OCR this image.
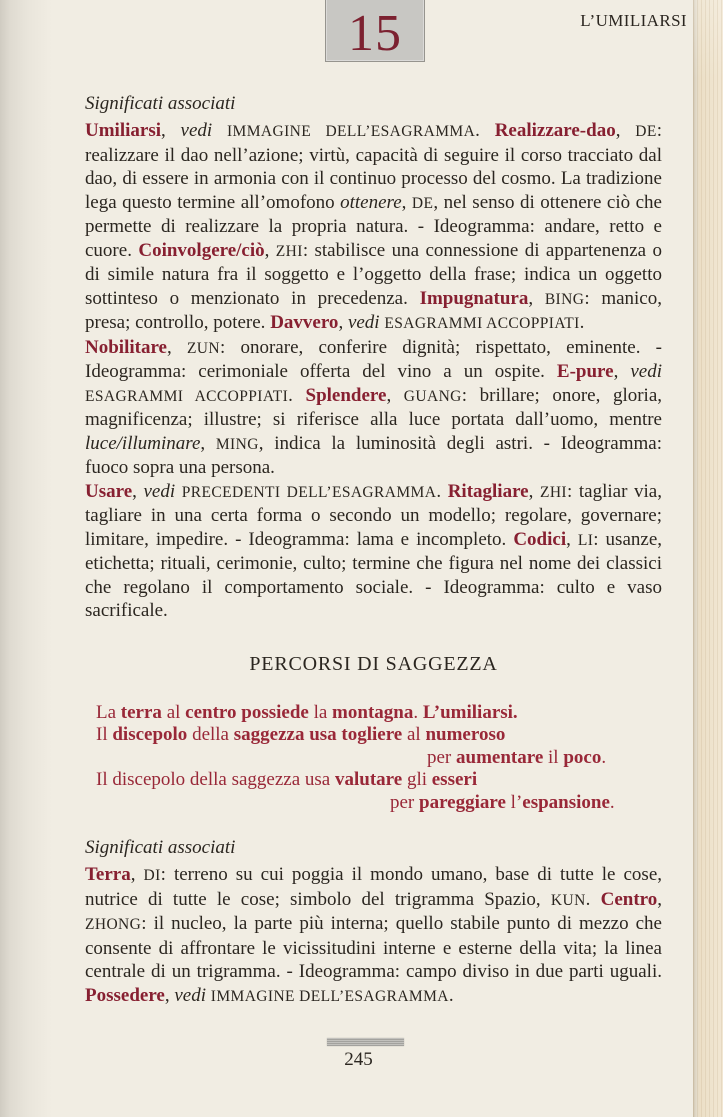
15	L’UMILIARSI
Significati associati

Umiliarsi, vedi IMMAGINE DELL’ESAGRAMMA. Realizzare-dao, DE: realizzare il dao nell’azione; virtù, capacità di seguire il corso tracciato dal dao, di essere in armonia con il continuo processo del cosmo. La tradizione lega questo termine all’omofono ottenere, DE, nel senso di ottenere ciò che permette di realizzare la propria natura. - Ideogramma: andare, retto e cuore. Coinvolgere/ciò, ZHI: stabilisce una connessione di appartenenza o di simile natura fra il soggetto e l’oggetto della frase; indica un oggetto sottinteso o menzionato in precedenza. Impugnatura, BING: manico, presa; controllo, potere. Davvero, vedi ESAGRAMMI ACCOPPIATI.

Nobilitare, ZUN: onorare, conferire dignità; rispettato, eminente. - Ideogramma: cerimoniale offerta del vino a un ospite. E-pure, vedi ESAGRAMMI ACCOPPIATI. Splendere, GUANG: brillare; onore, gloria, magnificenza; illustre; si riferisce alla luce portata dall’uomo, mentre luce/illuminare, MING, indica la luminosità degli astri. - Ideogramma: fuoco sopra una persona.

Usare, vedi PRECEDENTI DELL’ESAGRAMMA. Ritagliare, ZHI: tagliar via, tagliare in una certa forma o secondo un modello; regolare, governare; limitare, impedire. - Ideogramma: lama e incompleto. Codici, LI: usanze, etichetta; rituali, cerimonie, culto; termine che figura nel nome dei classici che regolano il comportamento sociale. - Ideogramma: culto e vaso sacrificale.

PERCORSI DI SAGGEZZA
La terra al centro possiede la montagna. L’umiliarsi.
Il discepolo della saggezza usa togliere al numeroso
per aumentare il poco.
Il discepolo della saggezza usa valutare gli esseri
per pareggiare l’espansione.
Significati associati

Terra, DI: terreno su cui poggia il mondo umano, base di tutte le cose, nutrice di tutte le cose; simbolo del trigramma Spazio, KUN. Centro, ZHONG: il nucleo, la parte più interna; quello stabile punto di mezzo che consente di affrontare le vicissitudini interne e esterne della vita; la linea centrale di un trigramma. - Ideogramma: campo diviso in due parti uguali. Possedere, vedi IMMAGINE DELL’ESAGRAMMA.

245
